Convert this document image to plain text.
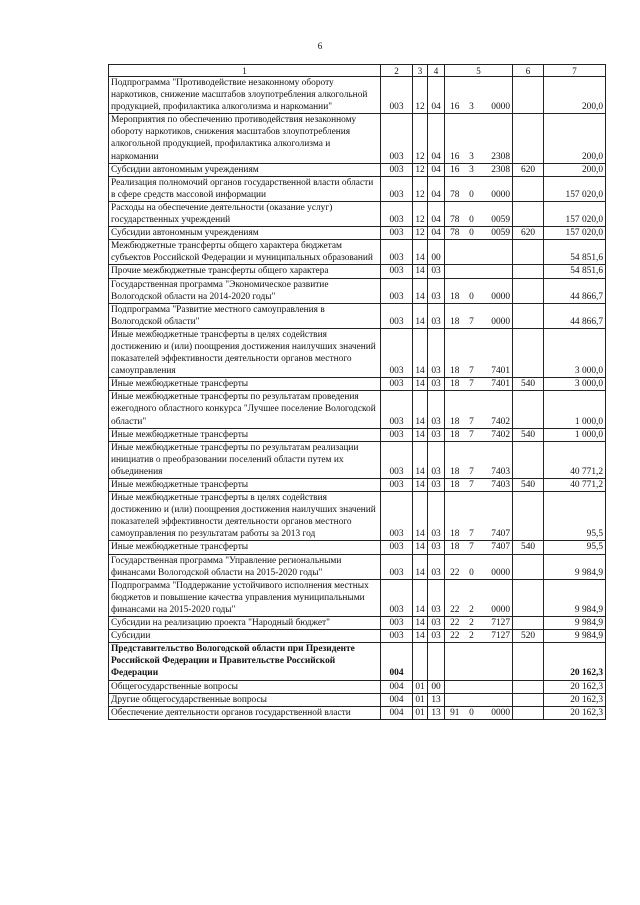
6
1	2	3	4	5			6	7
Подпрограмма "Противодействие незаконному обороту наркотиков, снижение масштабов злоупотребления алкогольной продукцией, профилактика алкоголизма и наркомании"	003	12	04	16	3	0000		200,0
Мероприятия по обеспечению противодействия незаконному обороту наркотиков, снижения масштабов злоупотребления алкогольной продукцией, профилактика алкоголизма и наркомании	003	12	04	16	3	2308		200,0
Субсидии автономным учреждениям	003	12	04	16	3	2308	620	200,0
Реализация полномочий органов государственной власти области в сфере средств массовой информации	003	12	04	78	0	0000		157 020,0
Расходы на обеспечение деятельности (оказание услуг) государственных учреждений	003	12	04	78	0	0059		157 020,0
Субсидии автономным учреждениям	003	12	04	78	0	0059	620	157 020,0
Межбюджетные трансферты общего характера бюджетам субъектов Российской Федерации и муниципальных образований	003	14	00					54 851,6
Прочие межбюджетные трансферты общего характера	003	14	03					54 851,6
Государственная программа "Экономическое развитие Вологодской области на 2014-2020 годы"	003	14	03	18	0	0000		44 866,7
Подпрограмма "Развитие местного самоуправления в Вологодской области"	003	14	03	18	7	0000		44 866,7
Иные межбюджетные трансферты в целях содействия достижению и (или) поощрения достижения наилучших значений показателей эффективности деятельности органов местного самоуправления	003	14	03	18	7	7401		3 000,0
Иные межбюджетные трансферты	003	14	03	18	7	7401	540	3 000,0
Иные межбюджетные трансферты по результатам проведения ежегодного областного конкурса "Лучшее поселение Вологодской области"	003	14	03	18	7	7402		1 000,0
Иные межбюджетные трансферты	003	14	03	18	7	7402	540	1 000,0
Иные межбюджетные трансферты по результатам реализации инициатив о преобразовании поселений области путем их объединения	003	14	03	18	7	7403		40 771,2
Иные межбюджетные трансферты	003	14	03	18	7	7403	540	40 771,2
Иные межбюджетные трансферты в целях содействия достижению и (или) поощрения достижения наилучших значений показателей эффективности деятельности органов местного самоуправления по результатам работы за 2013 год	003	14	03	18	7	7407		95,5
Иные межбюджетные трансферты	003	14	03	18	7	7407	540	95,5
Государственная программа "Управление региональными финансами Вологодской области на 2015-2020 годы"	003	14	03	22	0	0000		9 984,9
Подпрограмма "Поддержание устойчивого исполнения местных бюджетов и повышение качества управления муниципальными финансами на 2015-2020 годы"	003	14	03	22	2	0000		9 984,9
Субсидии на реализацию проекта "Народный бюджет"	003	14	03	22	2	7127		9 984,9
Субсидии	003	14	03	22	2	7127	520	9 984,9
Представительство Вологодской области при Президенте Российской Федерации и Правительстве Российской Федерации	004							20 162,3
Общегосударственные вопросы	004	01	00					20 162,3
Другие общегосударственные вопросы	004	01	13					20 162,3
Обеспечение деятельности органов государственной власти	004	01	13	91	0	0000		20 162,3
